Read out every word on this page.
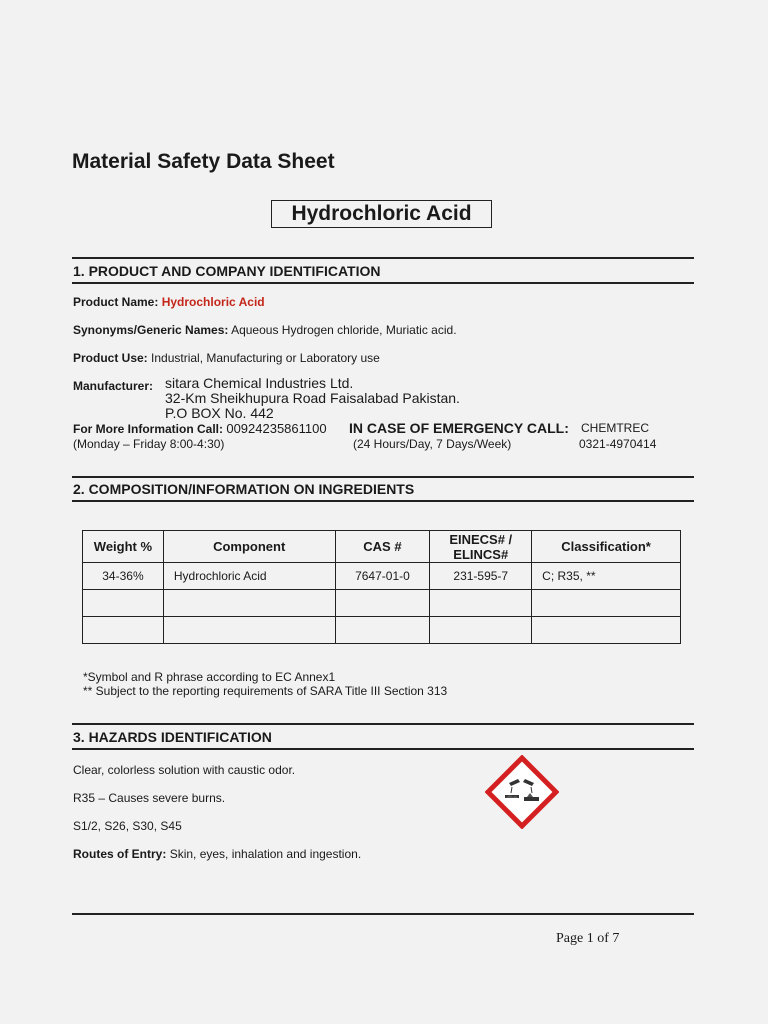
Material Safety Data Sheet
Hydrochloric Acid
1. PRODUCT AND COMPANY IDENTIFICATION
Product Name: Hydrochloric Acid
Synonyms/Generic Names: Aqueous Hydrogen chloride, Muriatic acid.
Product Use: Industrial, Manufacturing or Laboratory use
Manufacturer: sitara Chemical Industries Ltd.
32-Km Sheikhupura Road Faisalabad Pakistan.
P.O BOX No. 442
For More Information Call: 00924235861100
(Monday – Friday 8:00-4:30)
IN CASE OF EMERGENCY CALL: CHEMTREC
(24 Hours/Day, 7 Days/Week)	0321-4970414
2. COMPOSITION/INFORMATION ON INGREDIENTS
Weight %	Component	CAS #	EINECS# /
ELINCS#	Classification*
34-36%	Hydrochloric Acid	7647-01-0	231-595-7	C; R35, **

*Symbol and R phrase according to EC Annex1
** Subject to the reporting requirements of SARA Title III Section 313
3. HAZARDS IDENTIFICATION
Clear, colorless solution with caustic odor.
R35 – Causes severe burns.
S1/2, S26, S30, S45
Routes of Entry: Skin, eyes, inhalation and ingestion.
Page 1 of 7
